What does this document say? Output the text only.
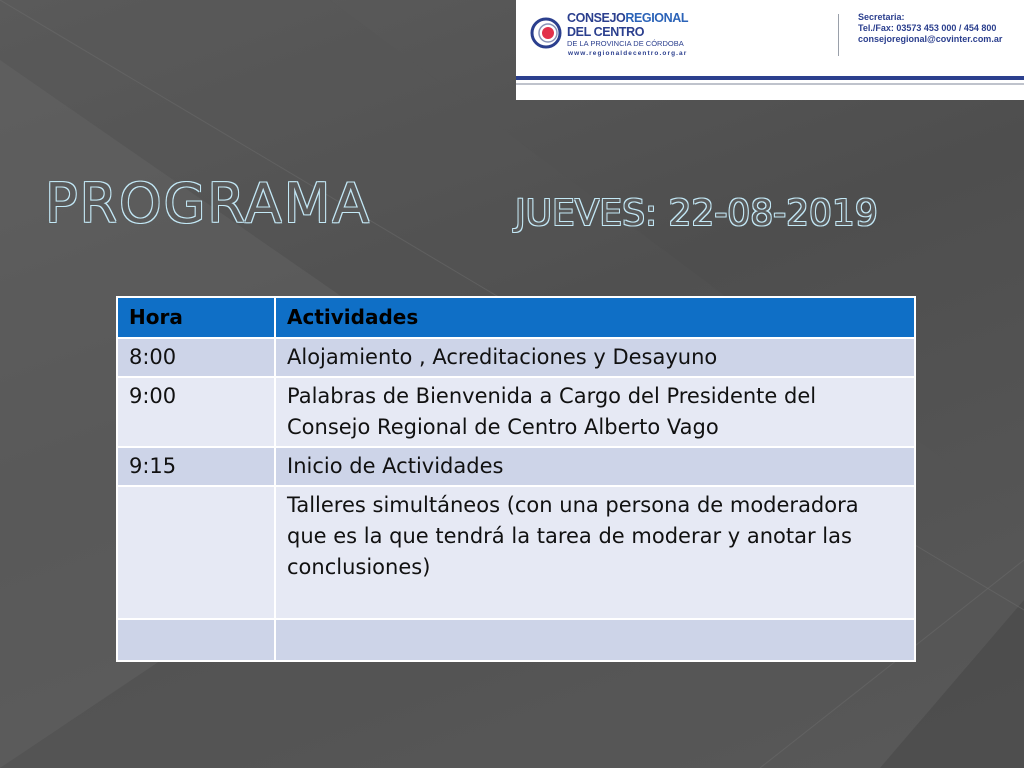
CONSEJOREGIONAL
DEL CENTRO
DE LA PROVINCIA DE CÓRDOBA
www.regionaldecentro.org.ar
Secretaria:
Tel./Fax: 03573 453 000 / 454 800
consejoregional@covinter.com.ar
PROGRAMA	JUEVES: 22-08-2019
Hora	Actividades
8:00	Alojamiento , Acreditaciones y Desayuno
9:00	Palabras de Bienvenida a Cargo del Presidente del Consejo Regional de Centro Alberto Vago
9:15	Inicio de Actividades
	Talleres simultáneos (con una persona de moderadora que es la que tendrá la tarea de moderar y anotar las conclusiones)
